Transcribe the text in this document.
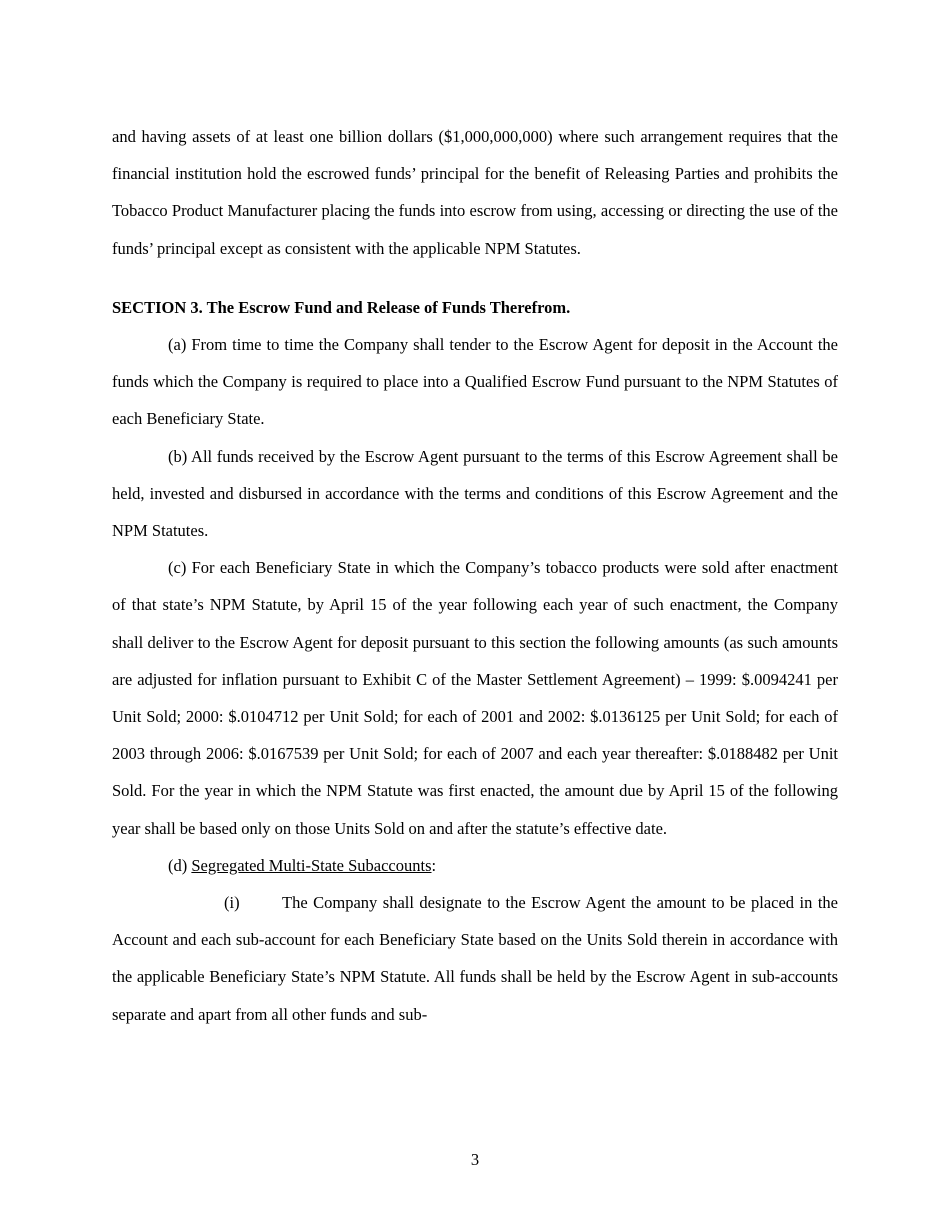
and having assets of at least one billion dollars ($1,000,000,000) where such arrangement requires that the financial institution hold the escrowed funds’ principal for the benefit of Releasing Parties and prohibits the Tobacco Product Manufacturer placing the funds into escrow from using, accessing or directing the use of the funds’ principal except as consistent with the applicable NPM Statutes.

SECTION 3. The Escrow Fund and Release of Funds Therefrom.

(a) From time to time the Company shall tender to the Escrow Agent for deposit in the Account the funds which the Company is required to place into a Qualified Escrow Fund pursuant to the NPM Statutes of each Beneficiary State.

(b) All funds received by the Escrow Agent pursuant to the terms of this Escrow Agreement shall be held, invested and disbursed in accordance with the terms and conditions of this Escrow Agreement and the NPM Statutes.

(c) For each Beneficiary State in which the Company’s tobacco products were sold after enactment of that state’s NPM Statute, by April 15 of the year following each year of such enactment, the Company shall deliver to the Escrow Agent for deposit pursuant to this section the following amounts (as such amounts are adjusted for inflation pursuant to Exhibit C of the Master Settlement Agreement) – 1999: $.0094241 per Unit Sold; 2000: $.0104712 per Unit Sold; for each of 2001 and 2002: $.0136125 per Unit Sold; for each of 2003 through 2006: $.0167539 per Unit Sold; for each of 2007 and each year thereafter: $.0188482 per Unit Sold. For the year in which the NPM Statute was first enacted, the amount due by April 15 of the following year shall be based only on those Units Sold on and after the statute’s effective date.

(d) Segregated Multi-State Subaccounts:

(i)	The Company shall designate to the Escrow Agent the amount to be placed in the Account and each sub-account for each Beneficiary State based on the Units Sold therein in accordance with the applicable Beneficiary State’s NPM Statute. All funds shall be held by the Escrow Agent in sub-accounts separate and apart from all other funds and sub-

3
